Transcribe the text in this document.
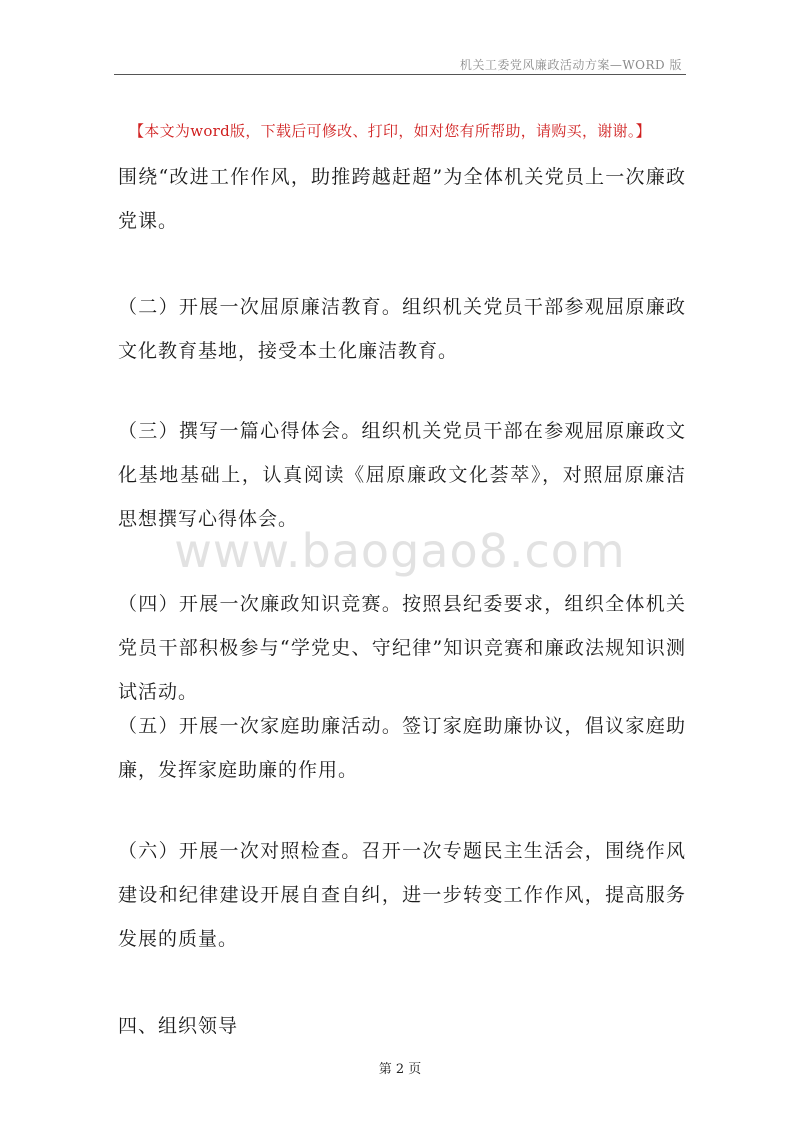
机关工委党风廉政活动方案—WORD 版
【本文为word版，下载后可修改、打印，如对您有所帮助，请购买，谢谢。】
围绕“改进工作作风，助推跨越赶超”为全体机关党员上一次廉政党课。
（二）开展一次屈原廉洁教育。组织机关党员干部参观屈原廉政文化教育基地，接受本土化廉洁教育。
（三）撰写一篇心得体会。组织机关党员干部在参观屈原廉政文化基地基础上，认真阅读《屈原廉政文化荟萃》，对照屈原廉洁思想撰写心得体会。
www.baogao8.com
（四）开展一次廉政知识竞赛。按照县纪委要求，组织全体机关党员干部积极参与“学党史、守纪律”知识竞赛和廉政法规知识测试活动。
（五）开展一次家庭助廉活动。签订家庭助廉协议，倡议家庭助廉，发挥家庭助廉的作用。
（六）开展一次对照检查。召开一次专题民主生活会，围绕作风建设和纪律建设开展自查自纠，进一步转变工作作风，提高服务发展的质量。
四、组织领导
第 2 页
